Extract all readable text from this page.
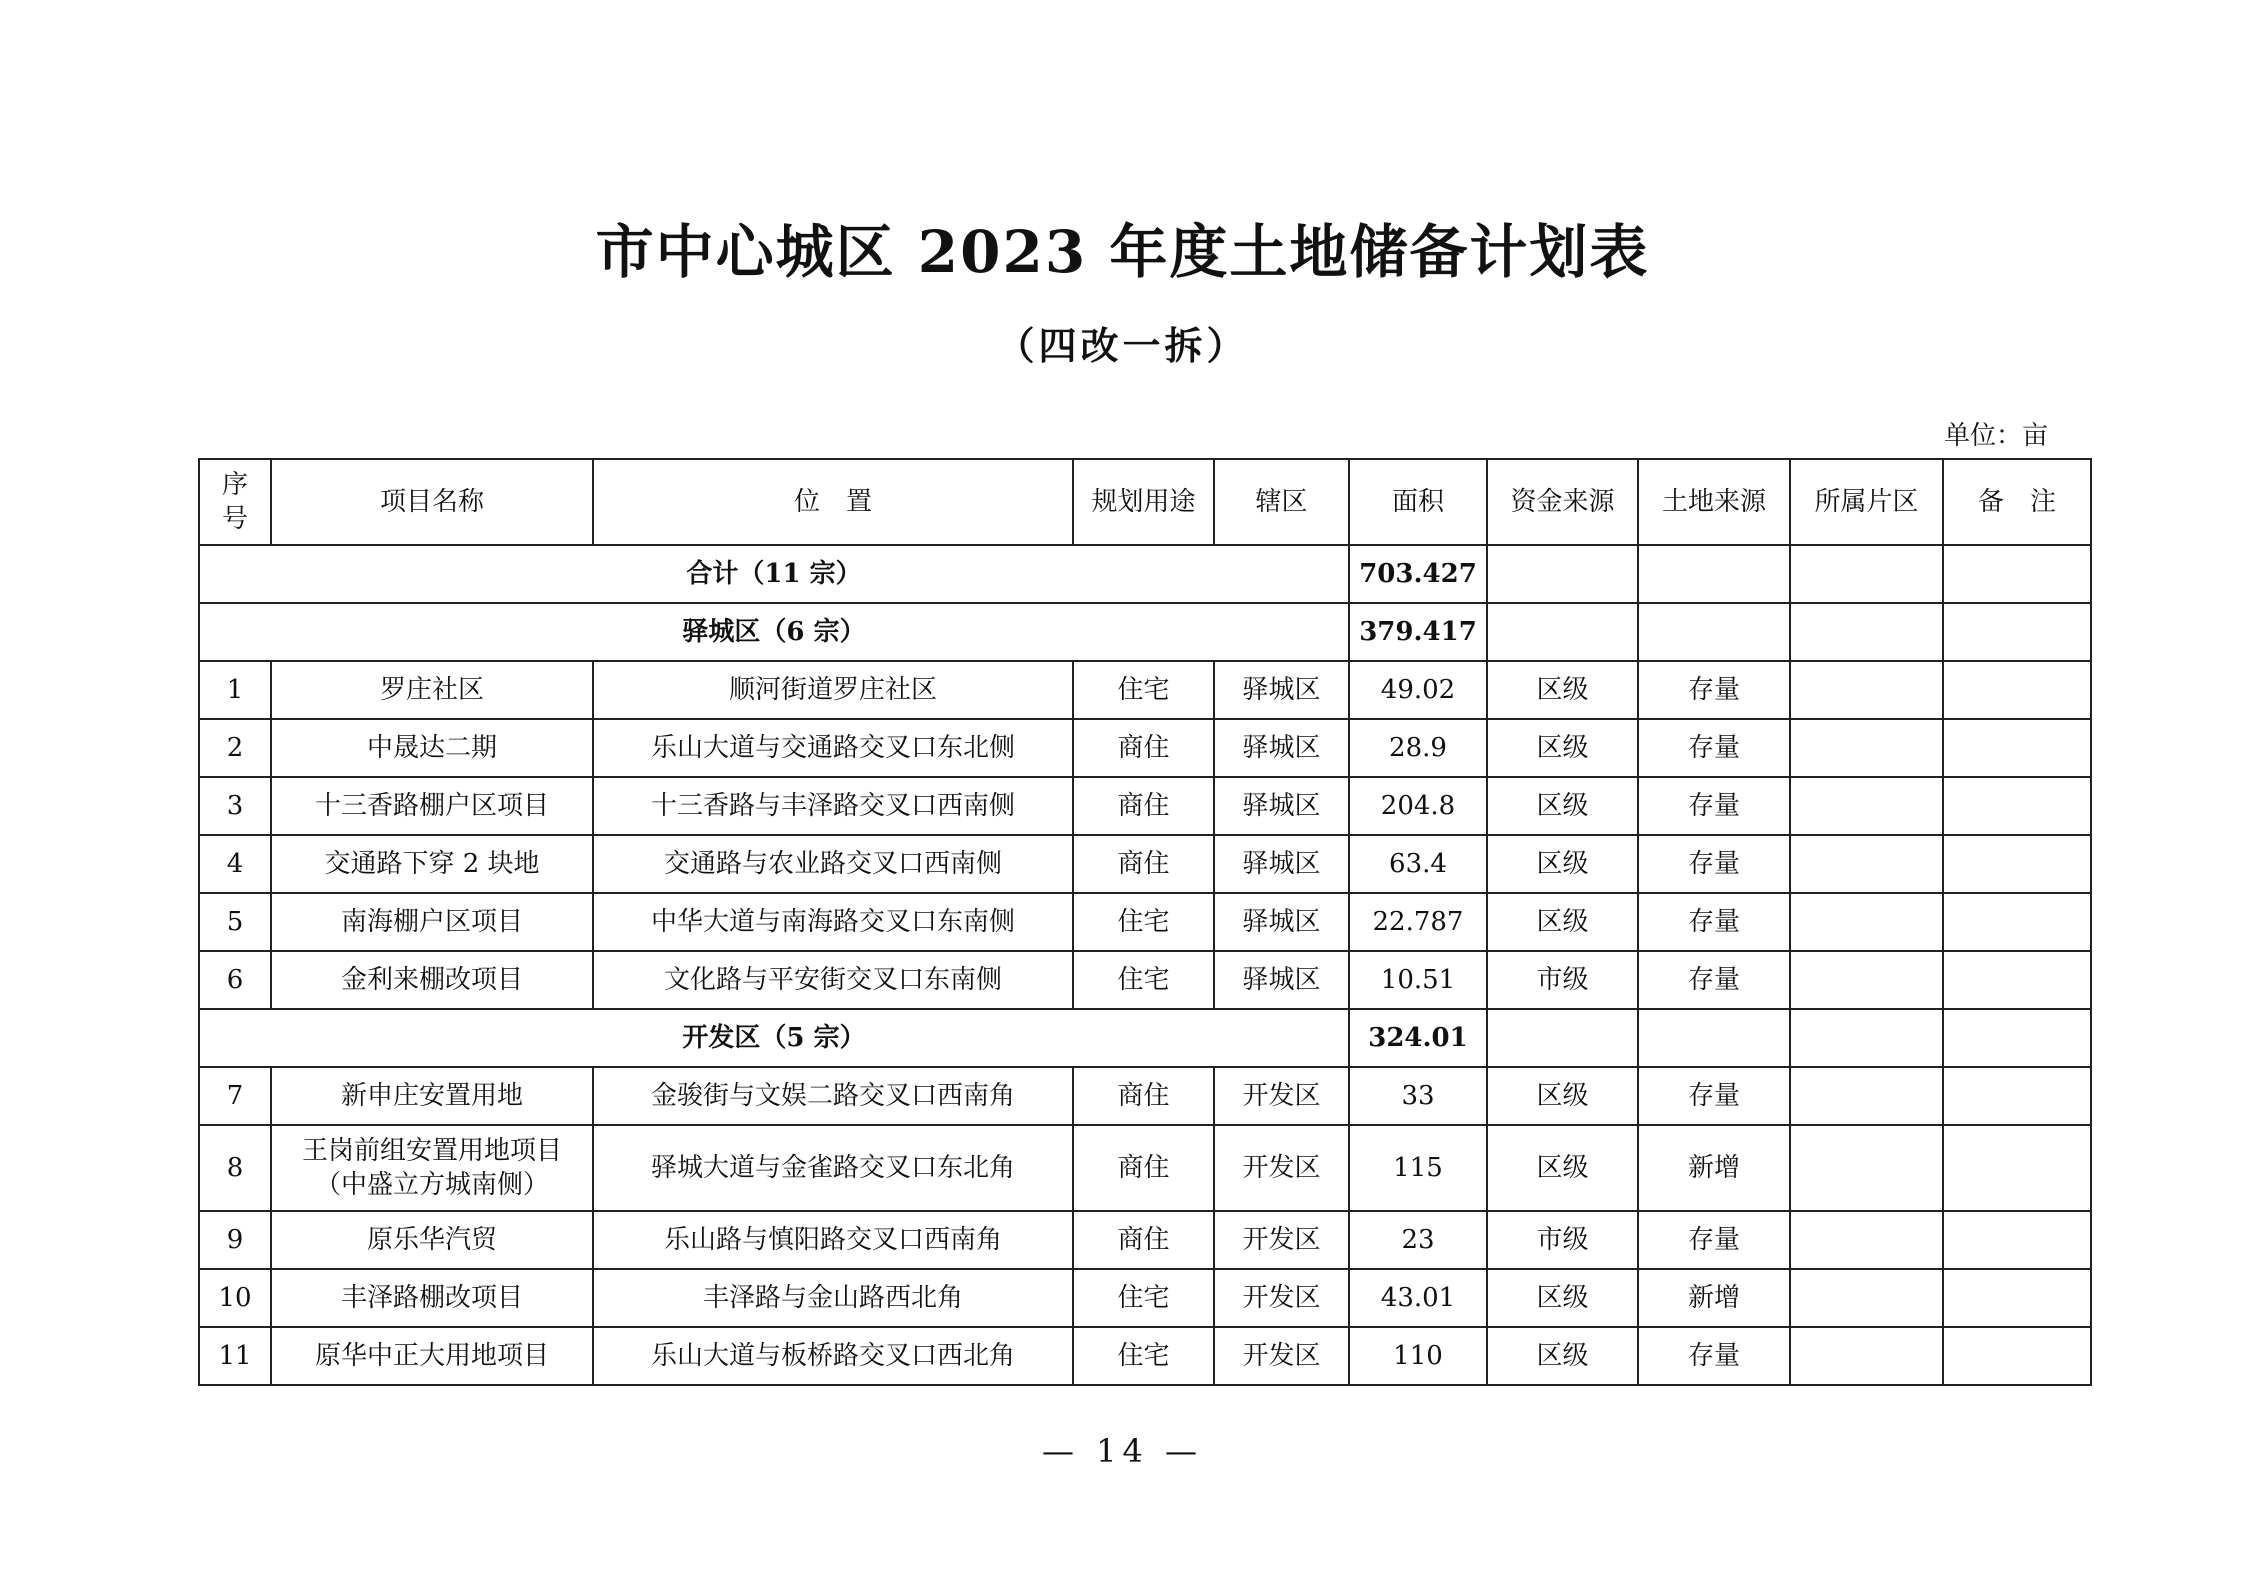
市中心城区 2023 年度土地储备计划表
（四改一拆）
单位：亩
序
号	项目名称	位　置	规划用途	辖区	面积	资金来源	土地来源	所属片区	备　注
合计（11 宗）					703.427				
驿城区（6 宗）					379.417				
1	罗庄社区	顺河街道罗庄社区	住宅	驿城区	49.02	区级	存量		
2	中晟达二期	乐山大道与交通路交叉口东北侧	商住	驿城区	28.9	区级	存量		
3	十三香路棚户区项目	十三香路与丰泽路交叉口西南侧	商住	驿城区	204.8	区级	存量		
4	交通路下穿 2 块地	交通路与农业路交叉口西南侧	商住	驿城区	63.4	区级	存量		
5	南海棚户区项目	中华大道与南海路交叉口东南侧	住宅	驿城区	22.787	区级	存量		
6	金利来棚改项目	文化路与平安街交叉口东南侧	住宅	驿城区	10.51	市级	存量		
开发区（5 宗）					324.01				
7	新申庄安置用地	金骏街与文娱二路交叉口西南角	商住	开发区	33	区级	存量		
8	王岗前组安置用地项目
（中盛立方城南侧）	驿城大道与金雀路交叉口东北角	商住	开发区	115	区级	新增		
9	原乐华汽贸	乐山路与慎阳路交叉口西南角	商住	开发区	23	市级	存量		
10	丰泽路棚改项目	丰泽路与金山路西北角	住宅	开发区	43.01	区级	新增		
11	原华中正大用地项目	乐山大道与板桥路交叉口西北角	住宅	开发区	110	区级	存量		
— 14 —
